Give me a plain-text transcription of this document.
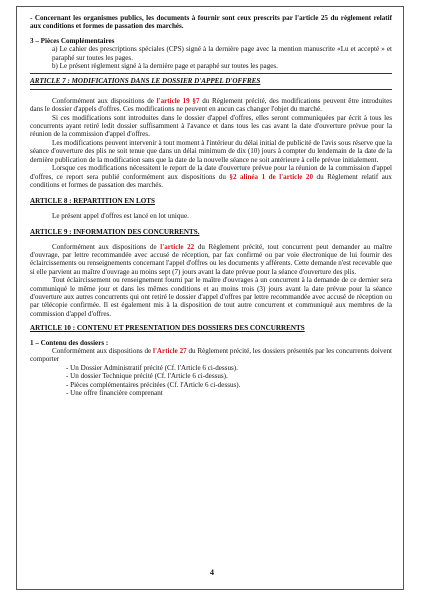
- Concernant les organismes publics, les documents à fournir sont ceux prescrits par l'article 25 du règlement relatif aux conditions et formes de passation des marchés.

3 – Pièces Complémentaires

a) Le cahier des prescriptions spéciales (CPS) signé à la dernière page avec la mention manuscrite «Lu et accepté » et paraphé sur toutes les pages.

b) Le présent règlement signé à la dernière page et paraphé sur toutes les pages.

ARTICLE 7 : MODIFICATIONS DANS LE DOSSIER D'APPEL D'OFFRES

Conformément aux dispositions de l'article 19 §7 du Règlement précité, des modifications peuvent être introduites dans le dossier d'appels d'offres. Ces modifications ne peuvent en aucun cas changer l'objet du marché.

Si ces modifications sont introduites dans le dossier d'appel d'offres, elles seront communiquées par écrit à tous les concurrents ayant retiré ledit dossier suffisamment à l'avance et dans tous les cas avant la date d'ouverture prévue pour la réunion de la commission d'appel d'offres.

Les modifications peuvent intervenir à tout moment à l'intérieur du délai initial de publicité de l'avis sous réserve que la séance d'ouverture des plis ne soit tenue que dans un délai minimum de dix (10) jours à compter du lendemain de la date de la dernière publication de la modification sans que la date de la nouvelle séance ne soit antérieure à celle prévue initialement.

Lorsque ces modifications nécessitent le report de la date d'ouverture prévue pour la réunion de la commission d'appel d'offres, ce report sera publié conformément aux dispositions du §2 alinéa 1 de l'article 20 du Règlement relatif aux conditions et formes de passation des marchés.

ARTICLE 8 : REPARTITION EN LOTS

Le présent appel d'offres est lancé en lot unique.

ARTICLE 9 : INFORMATION DES CONCURRENTS.

Conformément aux dispositions de l'article 22 du Règlement précité, tout concurrent peut demander au maître d'ouvrage, par lettre recommandée avec accusé de réception, par fax confirmé ou par voie électronique de lui fournir des éclaircissements ou renseignements concernant l'appel d'offres ou les documents y afférents. Cette demande n'est recevable que si elle parvient au maître d'ouvrage au moins sept (7) jours avant la date prévue pour la séance d'ouverture des plis.

Tout éclaircissement ou renseignement fourni par le maître d'ouvrages à un concurrent à la demande de ce dernier sera communiqué le même jour et dans les mêmes conditions et au moins trois (3) jours avant la date prévue pour la séance d'ouverture aux autres concurrents qui ont retiré le dossier d'appel d'offres par lettre recommandée avec accusé de réception ou par télécopie confirmée. Il est également mis à la disposition de tout autre concurrent et communiqué aux membres de la commission d'appel d'offres.

ARTICLE 10 : CONTENU ET PRESENTATION DES DOSSIERS DES CONCURRENTS

1 – Contenu des dossiers :

Conformément aux dispositions de l'Article 27 du Règlement précité, les dossiers présentés par les concurrents doivent comporter

- Un Dossier Administratif précité (Cf. l'Article 6 ci-dessus).

- Un dossier Technique précité (Cf. l'Article 6 ci-dessus).

- Pièces complémentaires précitées (Cf. l'Article 6 ci-dessus).

- Une offre financière comprenant

4
